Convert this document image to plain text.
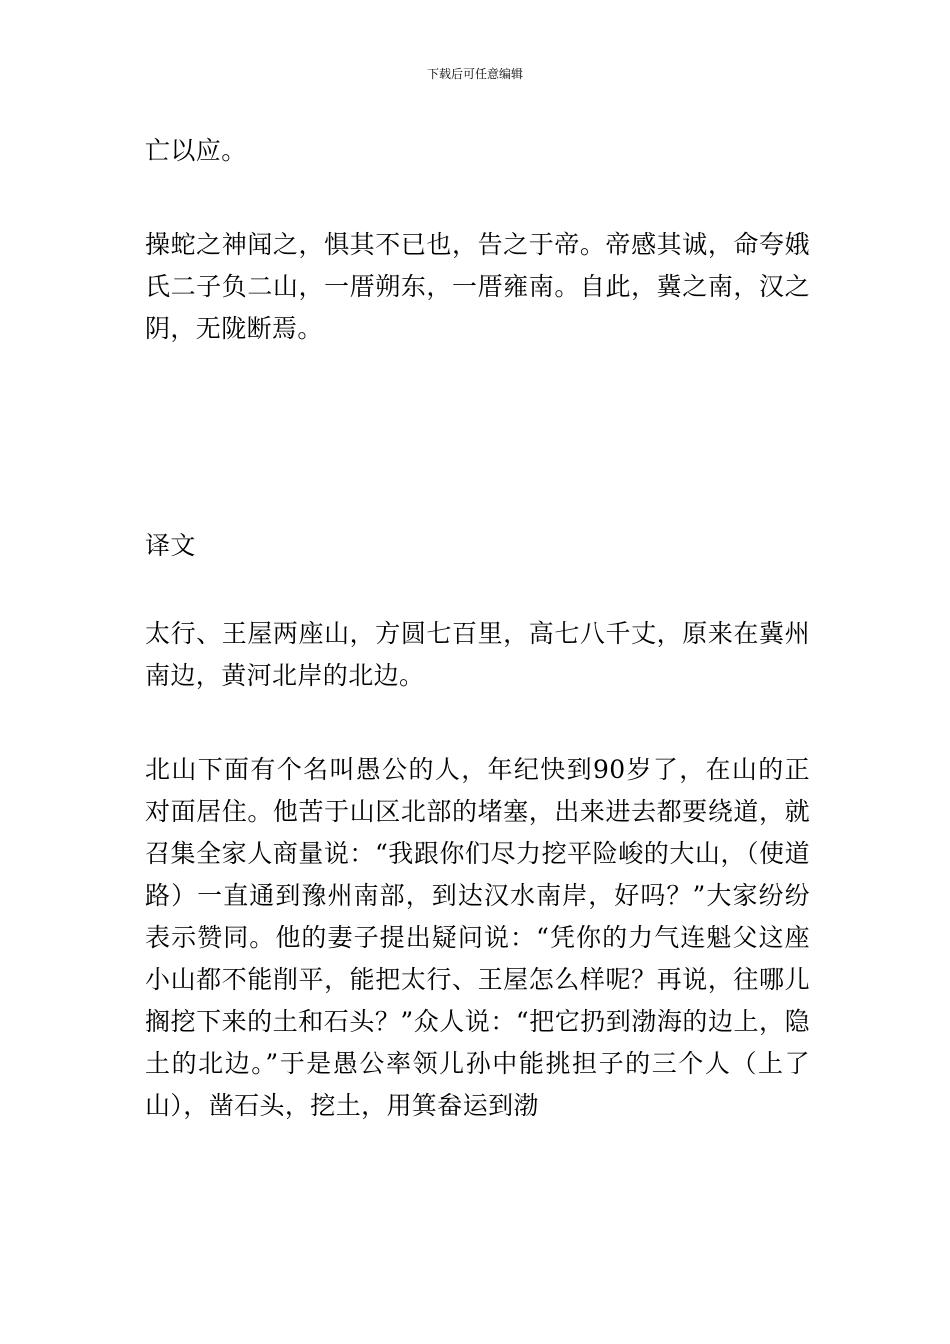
下载后可任意编辑

亡以应。

操蛇之神闻之，惧其不已也，告之于帝。帝感其诚，命夸娥氏二子负二山，一厝朔东，一厝雍南。自此，冀之南，汉之阴，无陇断焉。

译文

太行、王屋两座山，方圆七百里，高七八千丈，原来在冀州南边，黄河北岸的北边。

北山下面有个名叫愚公的人，年纪快到90岁了，在山的正对面居住。他苦于山区北部的堵塞，出来进去都要绕道，就召集全家人商量说：“我跟你们尽力挖平险峻的大山，（使道路）一直通到豫州南部，到达汉水南岸，好吗？”大家纷纷表示赞同。他的妻子提出疑问说：“凭你的力气连魁父这座小山都不能削平，能把太行、王屋怎么样呢？再说，往哪儿搁挖下来的土和石头？”众人说：“把它扔到渤海的边上，隐土的北边。”于是愚公率领儿孙中能挑担子的三个人（上了山），凿石头，挖土，用箕畚运到渤
